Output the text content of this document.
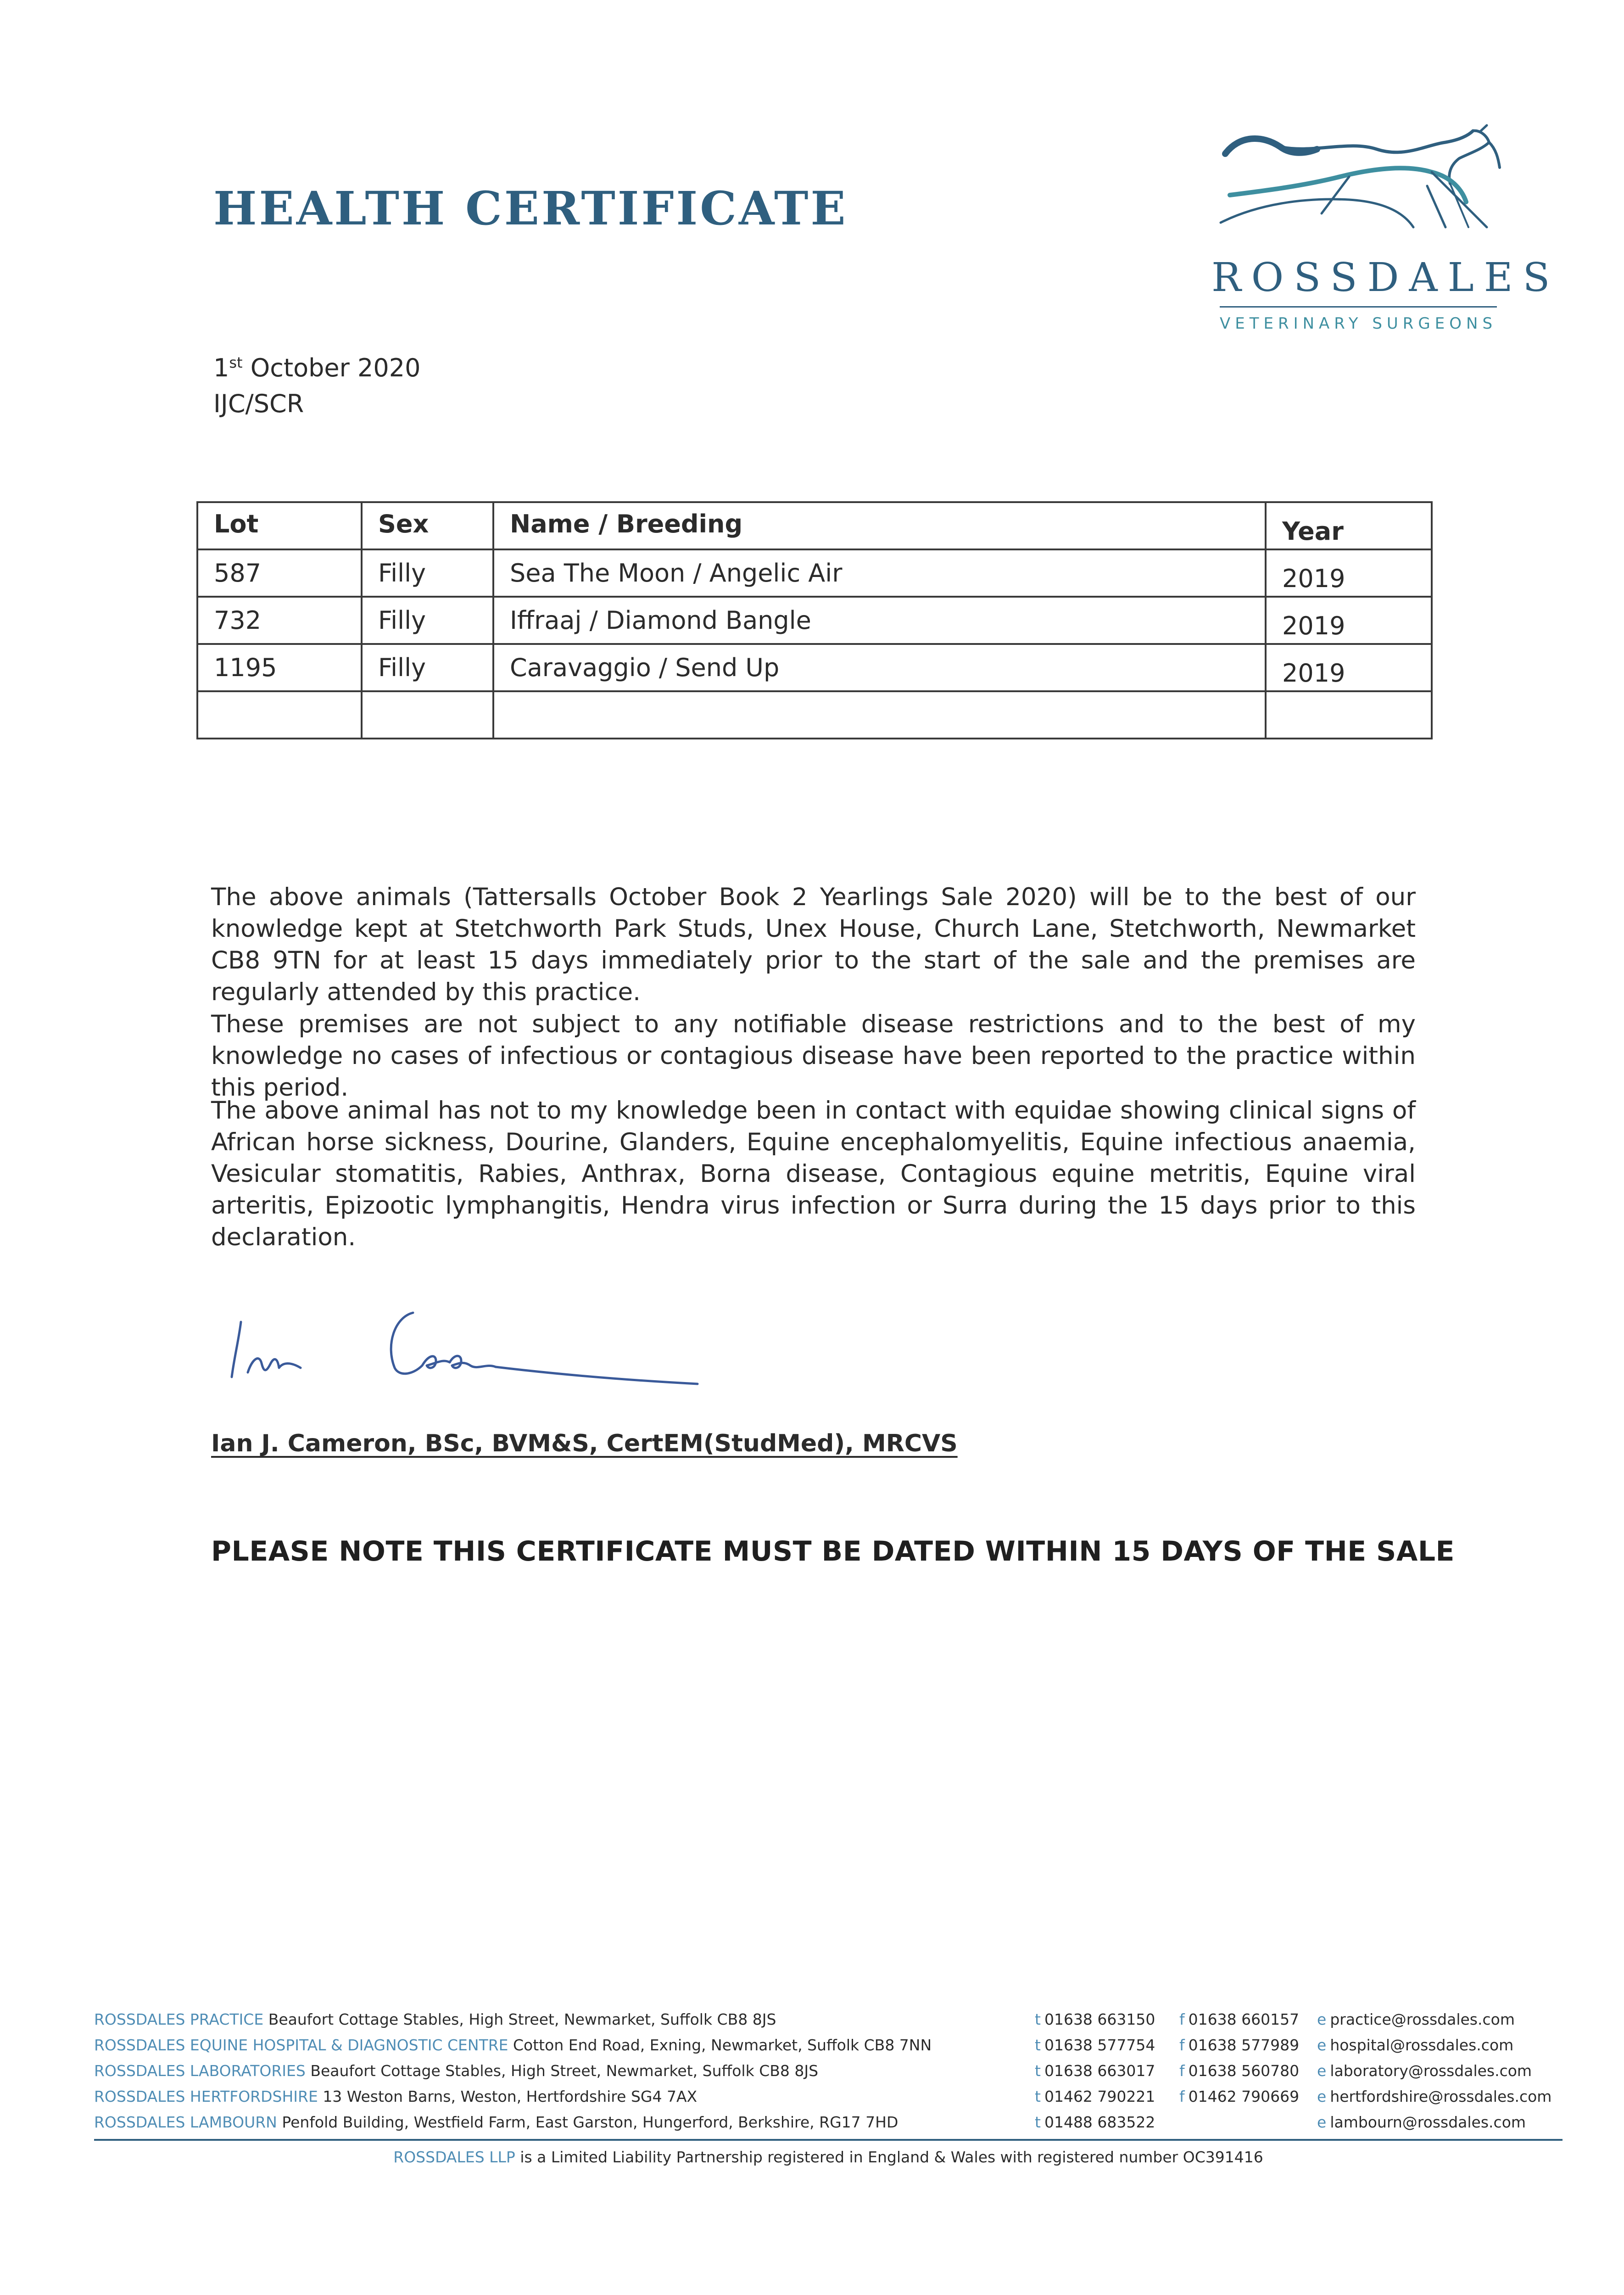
HEALTH CERTIFICATE
ROSSDALES
VETERINARY SURGEONS
1st October 2020
IJC/SCR
Lot	Sex	Name / Breeding	Year
587	Filly	Sea The Moon / Angelic Air	2019
732	Filly	Iffraaj / Diamond Bangle	2019
1195	Filly	Caravaggio / Send Up	2019

The above animals (Tattersalls October Book 2 Yearlings Sale 2020) will be to the best of our knowledge kept at Stetchworth Park Studs, Unex House, Church Lane, Stetchworth, Newmarket CB8 9TN for at least 15 days immediately prior to the start of the sale and the premises are regularly attended by this practice.

These premises are not subject to any notifiable disease restrictions and to the best of my knowledge no cases of infectious or contagious disease have been reported to the practice within this period.

The above animal has not to my knowledge been in contact with equidae showing clinical signs of African horse sickness, Dourine, Glanders, Equine encephalomyelitis, Equine infectious anaemia, Vesicular stomatitis, Rabies, Anthrax, Borna disease, Contagious equine metritis, Equine viral arteritis, Epizootic lymphangitis, Hendra virus infection or Surra during the 15 days prior to this declaration.

Ian J. Cameron, BSc, BVM&S, CertEM(StudMed), MRCVS
PLEASE NOTE THIS CERTIFICATE MUST BE DATED WITHIN 15 DAYS OF THE SALE
ROSSDALES PRACTICE Beaufort Cottage Stables, High Street, Newmarket, Suffolk CB8 8JS	t 01638 663150 f 01638 660157 e practice@rossdales.com
ROSSDALES EQUINE HOSPITAL & DIAGNOSTIC CENTRE Cotton End Road, Exning, Newmarket, Suffolk CB8 7NN	t 01638 577754 f 01638 577989 e hospital@rossdales.com
ROSSDALES LABORATORIES Beaufort Cottage Stables, High Street, Newmarket, Suffolk CB8 8JS	t 01638 663017 f 01638 560780 e laboratory@rossdales.com
ROSSDALES HERTFORDSHIRE 13 Weston Barns, Weston, Hertfordshire SG4 7AX	t 01462 790221 f 01462 790669 e hertfordshire@rossdales.com
ROSSDALES LAMBOURN Penfold Building, Westfield Farm, East Garston, Hungerford, Berkshire, RG17 7HD	t 01488 683522	e lambourn@rossdales.com
ROSSDALES LLP is a Limited Liability Partnership registered in England & Wales with registered number OC391416
